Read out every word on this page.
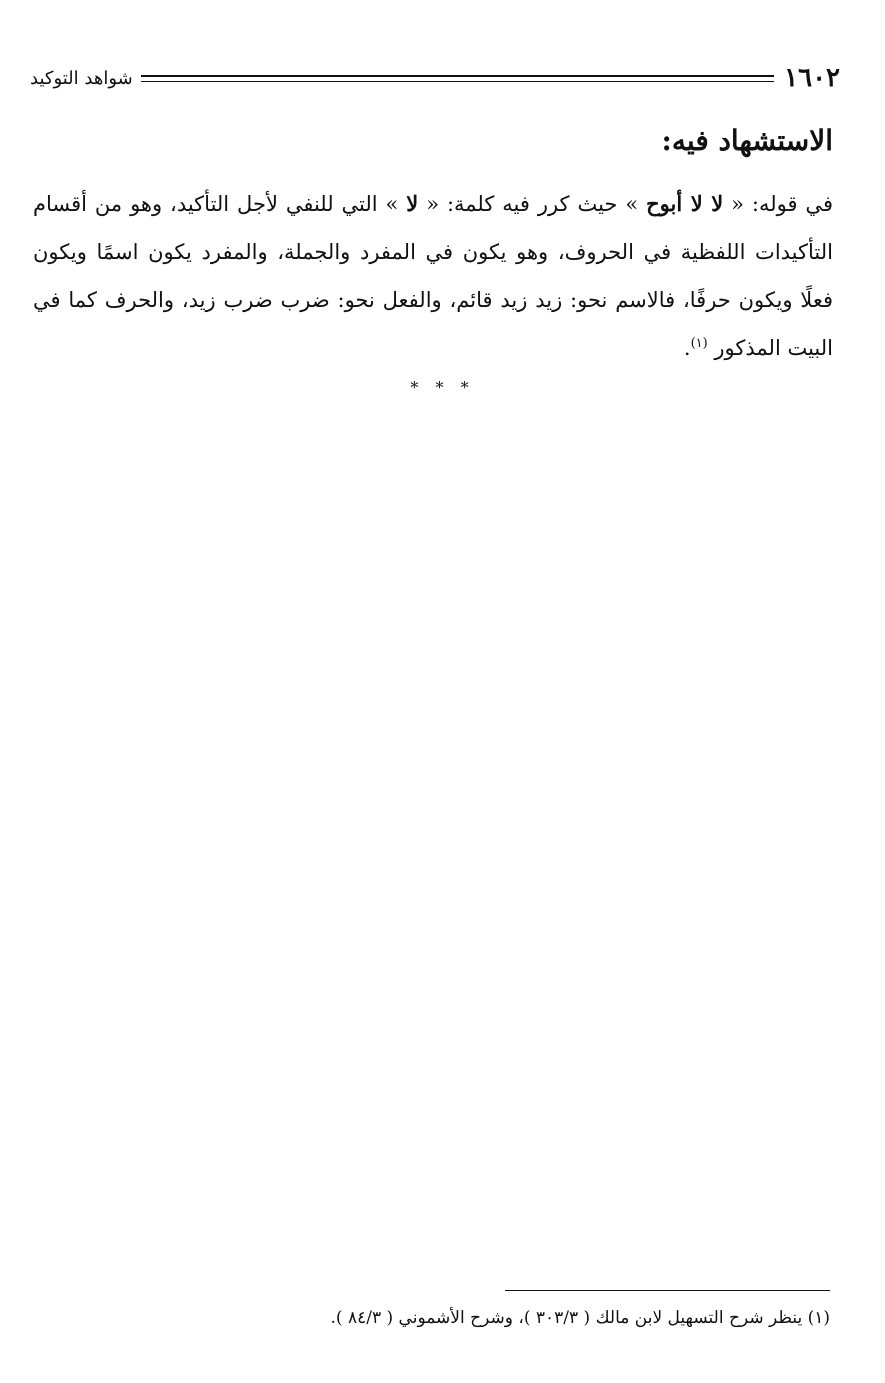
١٦٠٢
شواهد التوكيد
الاستشهاد فيه:

في قوله: « لا لا أبوح » حيث كرر فيه كلمة: « لا » التي للنفي لأجل التأكيد، وهو من أقسام التأكيدات اللفظية في الحروف، وهو يكون في المفرد والجملة، والمفرد يكون اسمًا ويكون فعلًا ويكون حرفًا، فالاسم نحو: زيد زيد قائم، والفعل نحو: ضرب ضرب زيد، والحرف كما في البيت المذكور $^{(١)}$.

* * *

(١) ينظر شرح التسهيل لابن مالك ( ٣٠٣/٣ )، وشرح الأشموني ( ٨٤/٣ ).
